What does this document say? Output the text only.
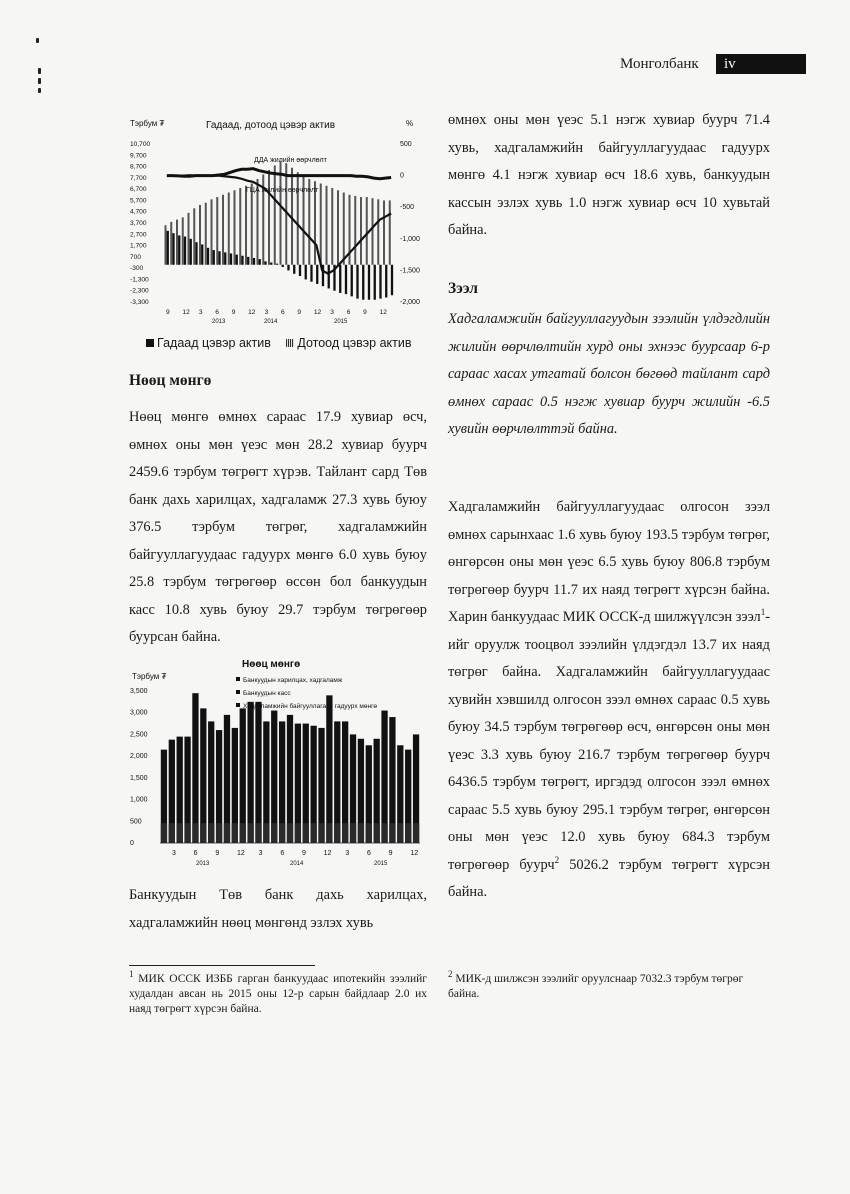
Монголбанк	iv
Тэрбум ₮	Гадаад, дотоод цэвэр актив	%
10,700
9,700
8,700
7,700
6,700
5,700
4,700
3,700
2,700
1,700
700
-300
-1,300
-2,300
-3,300
500
0
-500
-1,000
-1,500
-2,000
9 12 3 6 9 12 3 6 9 12 3 6 9 12
2013	2014	2015
ДДА жилийн өөрчлөлт
ГЦА жилийн өөрчлөлт
Гадаад цэвэр актив Дотоод цэвэр актив
Нөөц мөнгө

Нөөц мөнгө өмнөх сараас 17.9 хувиар өсч, өмнөх оны мөн үеэс мөн 28.2 хувиар буурч 2459.6 тэрбум төгрөгт хүрэв. Тайлант сард Төв банк дахь харилцах, хадгаламж 27.3 хувь буюу 376.5 тэрбум төгрөг, хадгаламжийн байгууллагуудаас гадуурх мөнгө 6.0 хувь буюу 25.8 тэрбум төгрөгөөр өссөн бол банкуудын касс 10.8 хувь буюу 29.7 тэрбум төгрөгөөр буурсан байна.

Тэрбум ₮
Нөөц мөнгө
3,500
3,000
2,500
2,000
1,500
1,000
500
0
3	6	9	12 3	6	9	12 3	6	9	12
2013	2014	2015
Банкуудын харилцах, хадгаламж
Банкуудын касс
Хадгаламжийн байгууллагаас гадуурх мөнгө

Банкуудын Төв банк дахь харилцах, хадгаламжийн нөөц мөнгөнд эзлэх хувь

$^1$ МИК ОССК ИЗББ гарган банкуудаас ипотекийн зээлийг худалдан авсан нь 2015 оны 12-р сарын байдлаар 2.0 их наяд төгрөгт хүрсэн байна.

өмнөх оны мөн үеэс 5.1 нэгж хувиар буурч 71.4 хувь, хадгаламжийн байгууллагуудаас гадуурх мөнгө 4.1 нэгж хувиар өсч 18.6 хувь, банкуудын кассын эзлэх хувь 1.0 нэгж хувиар өсч 10 хувьтай байна.

Зээл

Хадгаламжийн байгууллагуудын зээлийн үлдэгдлийн жилийн өөрчлөлтийн хурд оны эхнээс буурсаар 6-р сараас хасах утгатай болсон бөгөөд тайлант сард өмнөх сараас 0.5 нэгж хувиар буурч жилийн -6.5 хувийн өөрчлөлттэй байна.

Хадгаламжийн байгууллагуудаас олгосон зээл өмнөх сарынхаас 1.6 хувь буюу 193.5 тэрбум төгрөг, өнгөрсөн оны мөн үеэс 6.5 хувь буюу 806.8 тэрбум төгрөгөөр буурч 11.7 их наяд төгрөгт хүрсэн байна. Харин банкуудаас МИК ОССК-д шилжүүлсэн зээл$^1$-ийг оруулж тооцвол зээлийн үлдэгдэл 13.7 их наяд төгрөг байна. Хадгаламжийн байгууллагуудаас хувийн хэвшилд олгосон зээл өмнөх сараас 0.5 хувь буюу 34.5 тэрбум төгрөгөөр өсч, өнгөрсөн оны мөн үеэс 3.3 хувь буюу 216.7 тэрбум төгрөгөөр буурч 6436.5 тэрбум төгрөгт, иргэдэд олгосон зээл өмнөх сараас 5.5 хувь буюу 295.1 тэрбум төгрөг, өнгөрсөн оны мөн үеэс 12.0 хувь буюу 684.3 тэрбум төгрөгөөр буурч$^2$ 5026.2 тэрбум төгрөгт хүрсэн байна.

$^2$ МИК-д шилжсэн зээлийг оруулснаар 7032.3 тэрбум төгрөг байна.
